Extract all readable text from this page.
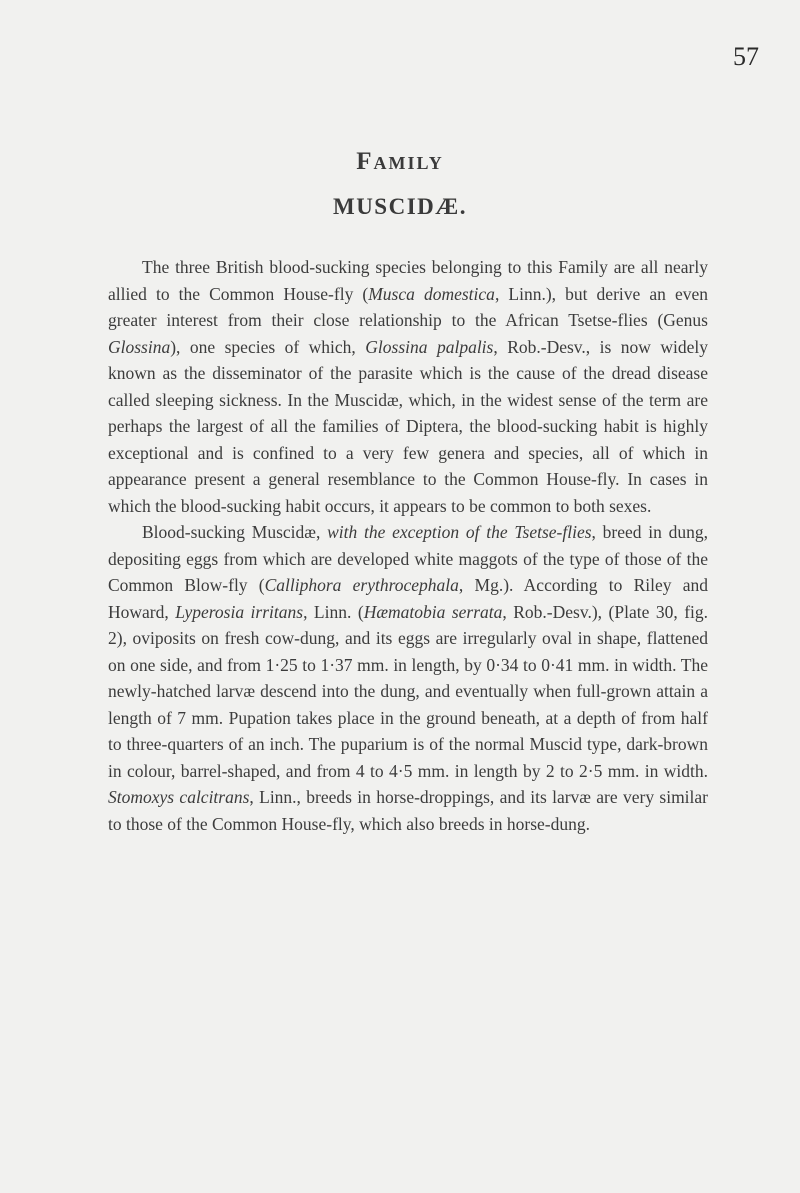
57
Family
MUSCIDÆ.

The three British blood-sucking species belonging to this Family are all nearly allied to the Common House-fly (Musca domestica, Linn.), but derive an even greater interest from their close relationship to the African Tsetse-flies (Genus Glossina), one species of which, Glossina palpalis, Rob.-Desv., is now widely known as the disseminator of the parasite which is the cause of the dread disease called sleeping sickness. In the Muscidæ, which, in the widest sense of the term are perhaps the largest of all the families of Diptera, the blood-sucking habit is highly exceptional and is confined to a very few genera and species, all of which in appearance present a general resemblance to the Common House-fly. In cases in which the blood-sucking habit occurs, it appears to be common to both sexes.

Blood-sucking Muscidæ, with the exception of the Tsetse-flies, breed in dung, depositing eggs from which are developed white maggots of the type of those of the Common Blow-fly (Calliphora erythrocephala, Mg.). According to Riley and Howard, Lyperosia irritans, Linn. (Hæmatobia serrata, Rob.-Desv.), (Plate 30, fig. 2), oviposits on fresh cow-dung, and its eggs are irregularly oval in shape, flattened on one side, and from 1·25 to 1·37 mm. in length, by 0·34 to 0·41 mm. in width. The newly-hatched larvæ descend into the dung, and eventually when full-grown attain a length of 7 mm. Pupation takes place in the ground beneath, at a depth of from half to three-quarters of an inch. The puparium is of the normal Muscid type, dark-brown in colour, barrel-shaped, and from 4 to 4·5 mm. in length by 2 to 2·5 mm. in width. Stomoxys calcitrans, Linn., breeds in horse-droppings, and its larvæ are very similar to those of the Common House-fly, which also breeds in horse-dung.
